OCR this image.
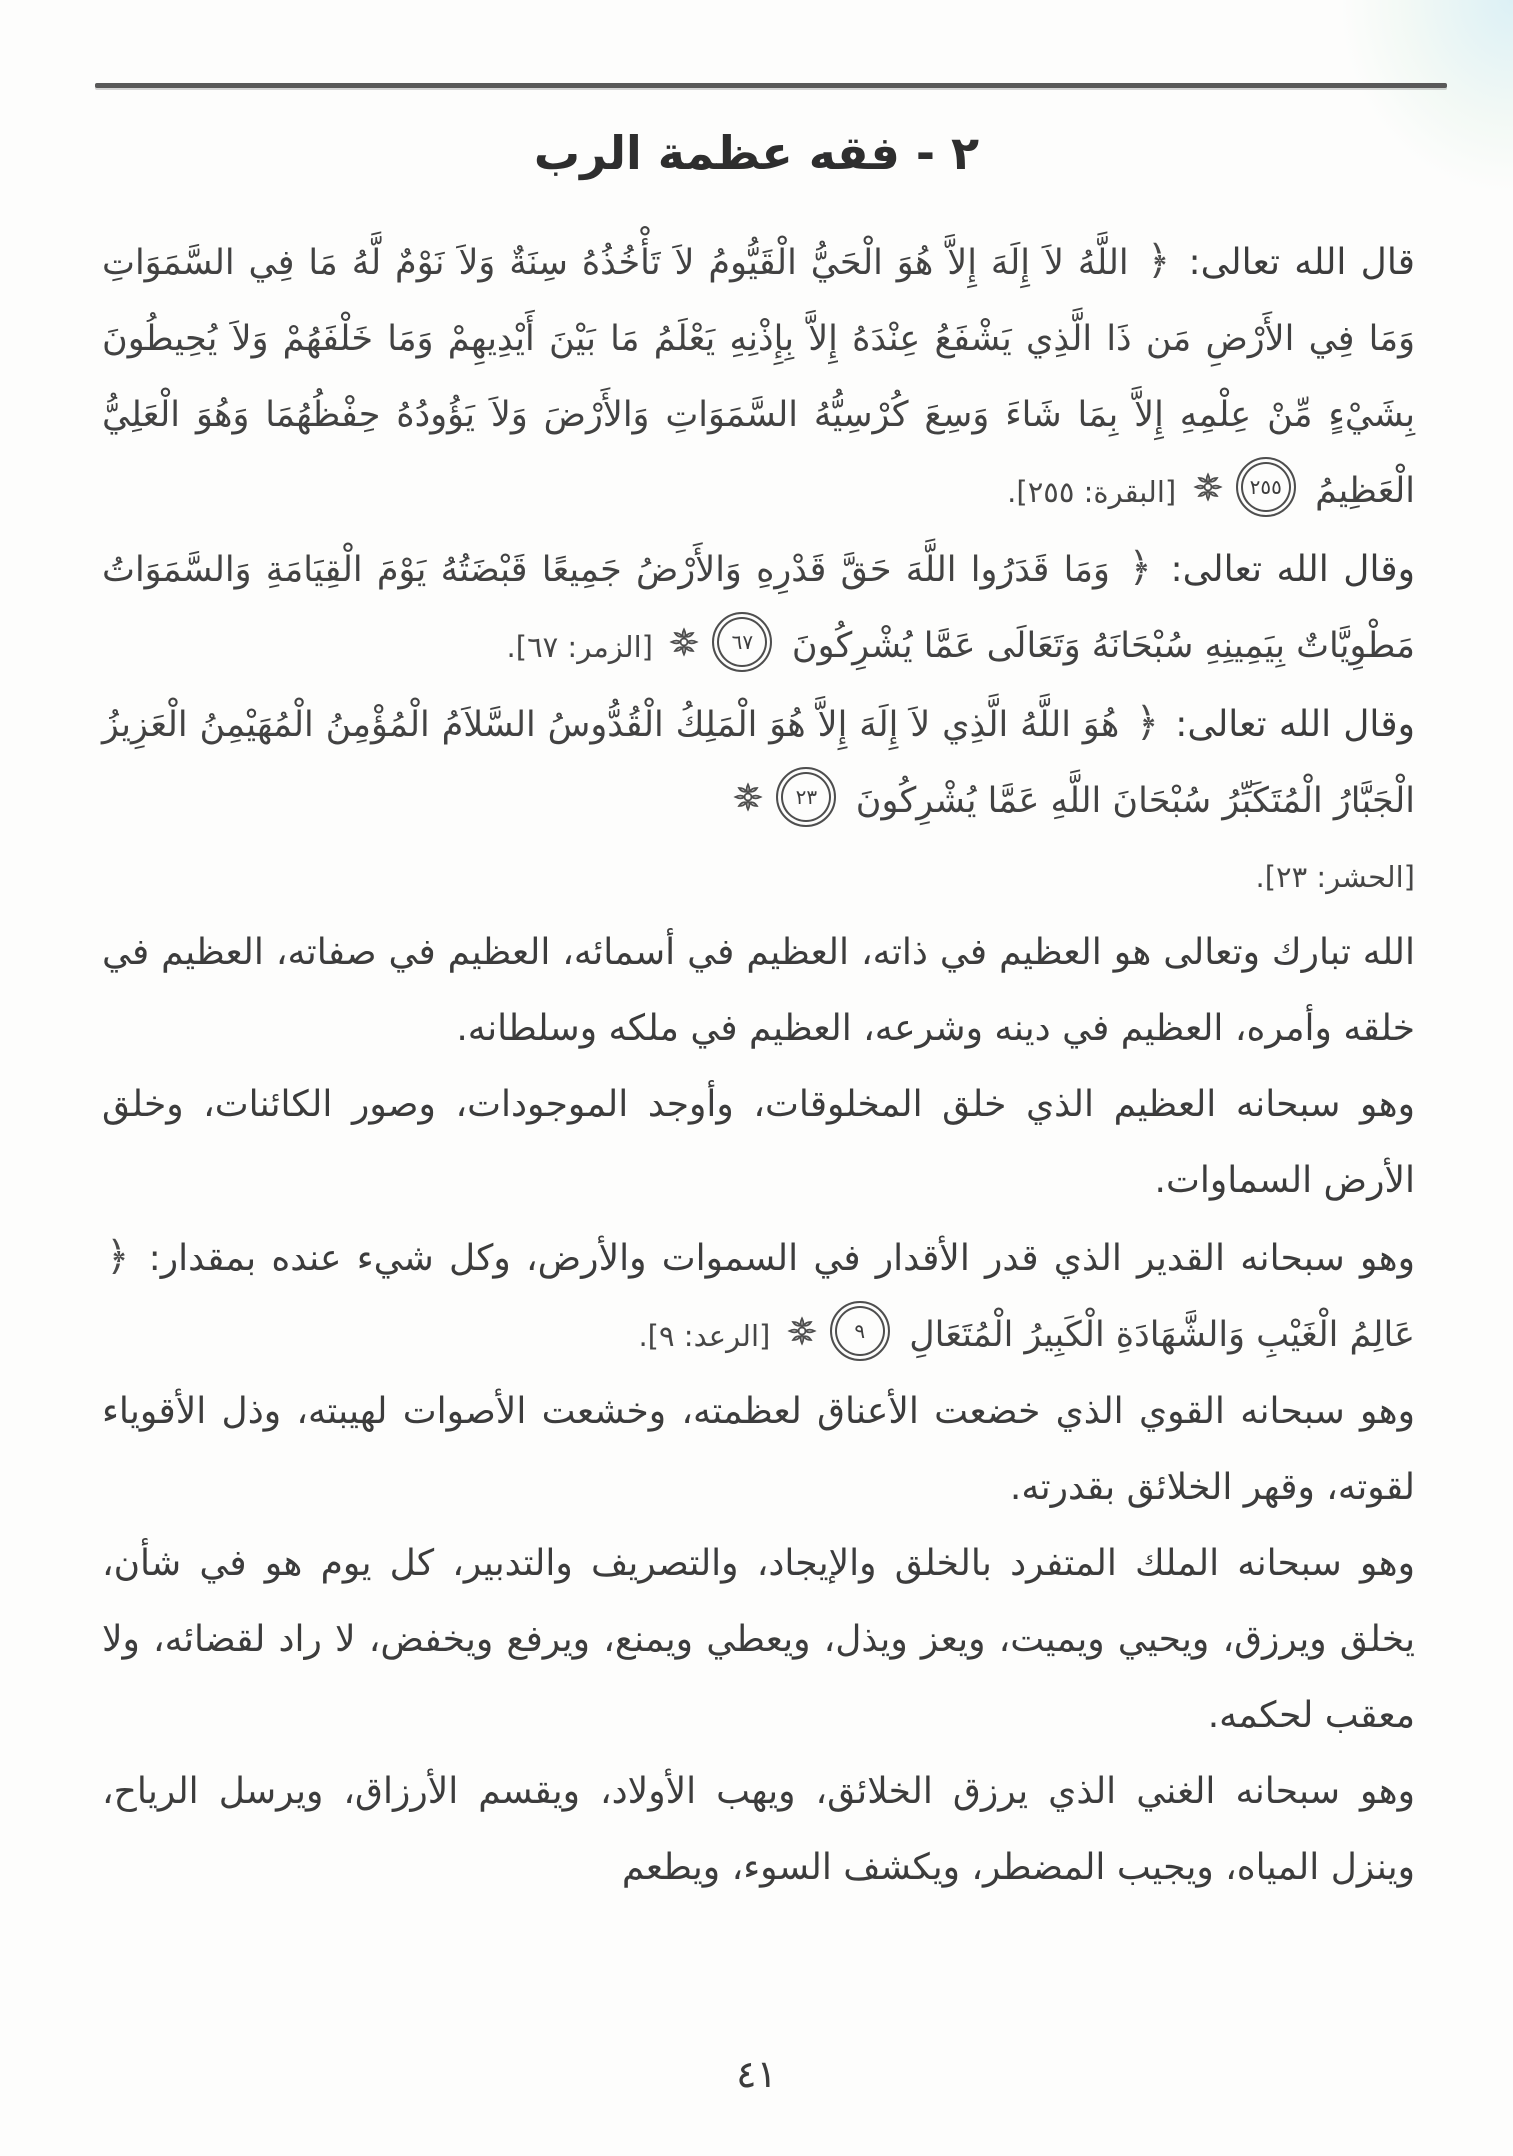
٢ - فقه عظمة الرب

قال الله تعالى: ﴿ اللَّهُ لاَ إِلَهَ إِلاَّ هُوَ الْحَيُّ الْقَيُّومُ لاَ تَأْخُذُهُ سِنَةٌ وَلاَ نَوْمٌ لَّهُ مَا فِي السَّمَوَاتِ وَمَا فِي الأَرْضِ مَن ذَا الَّذِي يَشْفَعُ عِنْدَهُ إِلاَّ بِإِذْنِهِ يَعْلَمُ مَا بَيْنَ أَيْدِيهِمْ وَمَا خَلْفَهُمْ وَلاَ يُحِيطُونَ بِشَيْءٍ مِّنْ عِلْمِهِ إِلاَّ بِمَا شَاءَ وَسِعَ كُرْسِيُّهُ السَّمَوَاتِ وَالأَرْضَ وَلاَ يَؤُودُهُ حِفْظُهُمَا وَهُوَ الْعَلِيُّ الْعَظِيمُ
٢٥٥
[البقرة: ٢٥٥].

وقال الله تعالى: ﴿ وَمَا قَدَرُوا اللَّهَ حَقَّ قَدْرِهِ وَالأَرْضُ جَمِيعًا قَبْضَتُهُ يَوْمَ الْقِيَامَةِ وَالسَّمَوَاتُ مَطْوِيَّاتٌ بِيَمِينِهِ سُبْحَانَهُ وَتَعَالَى عَمَّا يُشْرِكُونَ
٦٧
[الزمر: ٦٧].

وقال الله تعالى: ﴿ هُوَ اللَّهُ الَّذِي لاَ إِلَهَ إِلاَّ هُوَ الْمَلِكُ الْقُدُّوسُ السَّلاَمُ الْمُؤْمِنُ الْمُهَيْمِنُ الْعَزِيزُ الْجَبَّارُ الْمُتَكَبِّرُ سُبْحَانَ اللَّهِ عَمَّا يُشْرِكُونَ
٢٣
[الحشر: ٢٣].

الله تبارك وتعالى هو العظيم في ذاته، العظيم في أسمائه، العظيم في صفاته، العظيم في خلقه وأمره، العظيم في دينه وشرعه، العظيم في ملكه وسلطانه.

وهو سبحانه العظيم الذي خلق المخلوقات، وأوجد الموجودات، وصور الكائنات، وخلق الأرض السماوات.

وهو سبحانه القدير الذي قدر الأقدار في السموات والأرض، وكل شيء عنده بمقدار: ﴿ عَالِمُ الْغَيْبِ وَالشَّهَادَةِ الْكَبِيرُ الْمُتَعَالِ
٩
[الرعد: ٩].

وهو سبحانه القوي الذي خضعت الأعناق لعظمته، وخشعت الأصوات لهيبته، وذل الأقوياء لقوته، وقهر الخلائق بقدرته.

وهو سبحانه الملك المتفرد بالخلق والإيجاد، والتصريف والتدبير، كل يوم هو في شأن، يخلق ويرزق، ويحيي ويميت، ويعز ويذل، ويعطي ويمنع، ويرفع ويخفض، لا راد لقضائه، ولا معقب لحكمه.

وهو سبحانه الغني الذي يرزق الخلائق، ويهب الأولاد، ويقسم الأرزاق، ويرسل الرياح، وينزل المياه، ويجيب المضطر، ويكشف السوء، ويطعم

٤١
